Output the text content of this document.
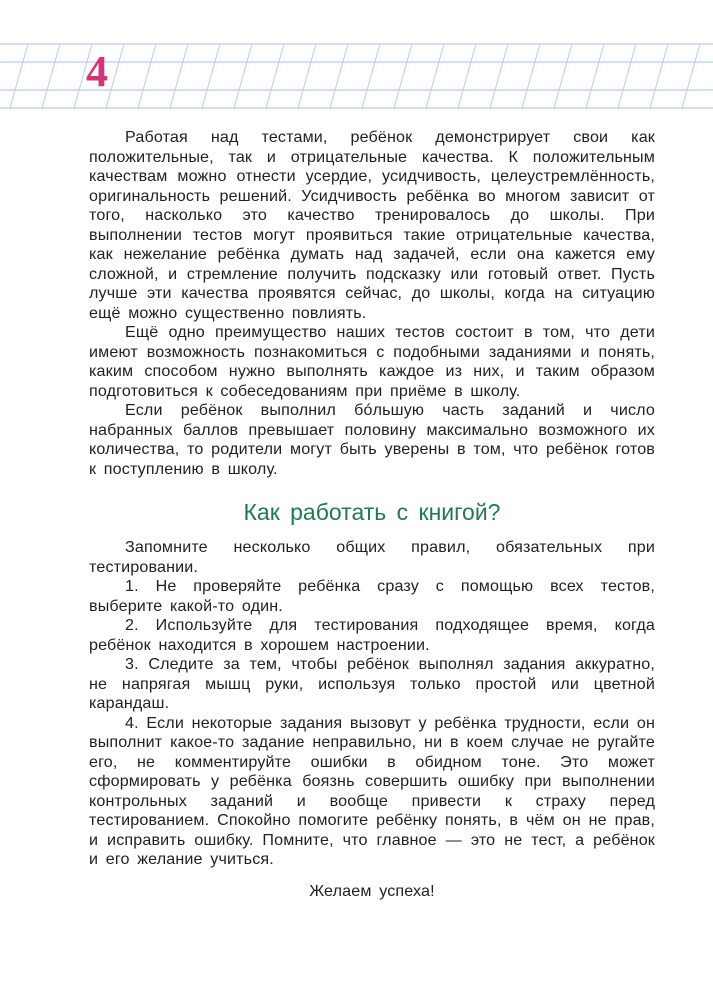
4

Работая над тестами, ребёнок демонстрирует свои как положительные, так и отрицательные качества. К положительным качествам можно отнести усердие, усидчивость, целеустремлённость, оригинальность решений. Усидчивость ребёнка во многом зависит от того, насколько это качество тренировалось до школы. При выполнении тестов могут проявиться такие отрицательные качества, как нежелание ребёнка думать над задачей, если она кажется ему сложной, и стремление получить подсказку или готовый ответ. Пусть лучше эти качества проявятся сейчас, до школы, когда на ситуацию ещё можно существенно повлиять.

Ещё одно преимущество наших тестов состоит в том, что дети имеют возможность познакомиться с подобными заданиями и понять, каким способом нужно выполнять каждое из них, и таким образом подготовиться к собеседованиям при приёме в школу.

Если ребёнок выполнил бóльшую часть заданий и число набранных баллов превышает половину максимально возможного их количества, то родители могут быть уверены в том, что ребёнок готов к поступлению в школу.

Как работать с книгой?

Запомните несколько общих правил, обязательных при тестировании.

1. Не проверяйте ребёнка сразу с помощью всех тестов, выберите какой-то один.

2. Используйте для тестирования подходящее время, когда ребёнок находится в хорошем настроении.

3. Следите за тем, чтобы ребёнок выполнял задания аккуратно, не напрягая мышц руки, используя только простой или цветной карандаш.

4. Если некоторые задания вызовут у ребёнка трудности, если он выполнит какое-то задание неправильно, ни в коем случае не ругайте его, не комментируйте ошибки в обидном тоне. Это может сформировать у ребёнка боязнь совершить ошибку при выполнении контрольных заданий и вообще привести к страху перед тестированием. Спокойно помогите ребёнку понять, в чём он не прав, и исправить ошибку. Помните, что главное — это не тест, а ребёнок и его желание учиться.

Желаем успеха!
